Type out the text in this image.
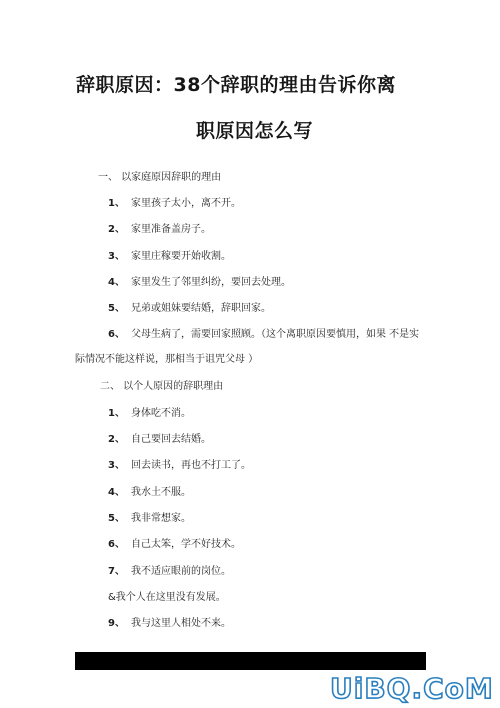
辞职原因：38个辞职的理由告诉你离
职原因怎么写
一、 以家庭原因辞职的理由
1、 家里孩子太小，离不开。
2、 家里准备盖房子。
3、 家里庄稼要开始收割。
4、 家里发生了邻里纠纷，要回去处理。
5、 兄弟或姐妹要结婚，辞职回家。
6、 父母生病了，需要回家照顾。（这个离职原因要慎用，如果 不是实
际情况不能这样说，那相当于诅咒父母 ）
二、 以个人原因的辞职理由
1、 身体吃不消。
2、 自己要回去结婚。
3、 回去读书，再也不打工了。
4、 我水土不服。
5、 我非常想家。
6、 自己太笨，学不好技术。
7、 我不适应眼前的岗位。
&我个人在这里没有发展。
9、 我与这里人相处不来。
UiBQ.CoM
